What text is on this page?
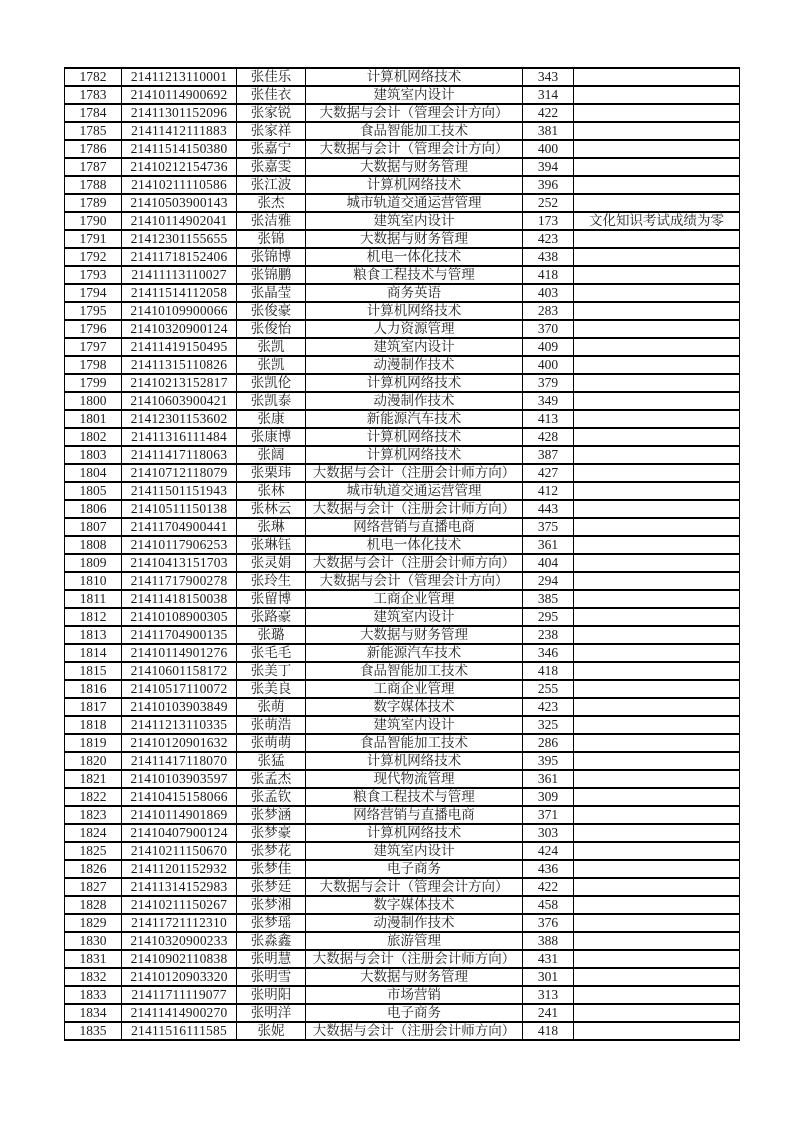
1782	21411213110001	张佳乐	计算机网络技术	343	
1783	21410114900692	张佳衣	建筑室内设计	314	
1784	21411301152096	张家锐	大数据与会计（管理会计方向）	422	
1785	21411412111883	张家祥	食品智能加工技术	381	
1786	21411514150380	张嘉宁	大数据与会计（管理会计方向）	400	
1787	21410212154736	张嘉雯	大数据与财务管理	394	
1788	21410211110586	张江波	计算机网络技术	396	
1789	21410503900143	张杰	城市轨道交通运营管理	252	
1790	21410114902041	张洁雅	建筑室内设计	173	文化知识考试成绩为零
1791	21412301155655	张锦	大数据与财务管理	423	
1792	21411718152406	张锦博	机电一体化技术	438	
1793	21411113110027	张锦鹏	粮食工程技术与管理	418	
1794	21411514112058	张晶莹	商务英语	403	
1795	21410109900066	张俊豪	计算机网络技术	283	
1796	21410320900124	张俊怡	人力资源管理	370	
1797	21411419150495	张凯	建筑室内设计	409	
1798	21411315110826	张凯	动漫制作技术	400	
1799	21410213152817	张凯伦	计算机网络技术	379	
1800	21410603900421	张凯泰	动漫制作技术	349	
1801	21412301153602	张康	新能源汽车技术	413	
1802	21411316111484	张康博	计算机网络技术	428	
1803	21411417118063	张阔	计算机网络技术	387	
1804	21410712118079	张栗玮	大数据与会计（注册会计师方向）	427	
1805	21411501151943	张林	城市轨道交通运营管理	412	
1806	21410511150138	张林云	大数据与会计（注册会计师方向）	443	
1807	21411704900441	张琳	网络营销与直播电商	375	
1808	21410117906253	张琳钰	机电一体化技术	361	
1809	21410413151703	张灵娟	大数据与会计（注册会计师方向）	404	
1810	21411717900278	张玲生	大数据与会计（管理会计方向）	294	
1811	21411418150038	张留博	工商企业管理	385	
1812	21410108900305	张路豪	建筑室内设计	295	
1813	21411704900135	张璐	大数据与财务管理	238	
1814	21410114901276	张毛毛	新能源汽车技术	346	
1815	21410601158172	张美丁	食品智能加工技术	418	
1816	21410517110072	张美良	工商企业管理	255	
1817	21410103903849	张萌	数字媒体技术	423	
1818	21411213110335	张萌浩	建筑室内设计	325	
1819	21410120901632	张萌萌	食品智能加工技术	286	
1820	21411417118070	张猛	计算机网络技术	395	
1821	21410103903597	张孟杰	现代物流管理	361	
1822	21410415158066	张孟钦	粮食工程技术与管理	309	
1823	21410114901869	张梦涵	网络营销与直播电商	371	
1824	21410407900124	张梦豪	计算机网络技术	303	
1825	21410211150670	张梦花	建筑室内设计	424	
1826	21411201152932	张梦佳	电子商务	436	
1827	21411314152983	张梦廷	大数据与会计（管理会计方向）	422	
1828	21410211150267	张梦湘	数字媒体技术	458	
1829	21411721112310	张梦瑶	动漫制作技术	376	
1830	21410320900233	张淼鑫	旅游管理	388	
1831	21410902110838	张明慧	大数据与会计（注册会计师方向）	431	
1832	21410120903320	张明雪	大数据与财务管理	301	
1833	21411711119077	张明阳	市场营销	313	
1834	21411414900270	张明洋	电子商务	241	
1835	21411516111585	张妮	大数据与会计（注册会计师方向）	418	
